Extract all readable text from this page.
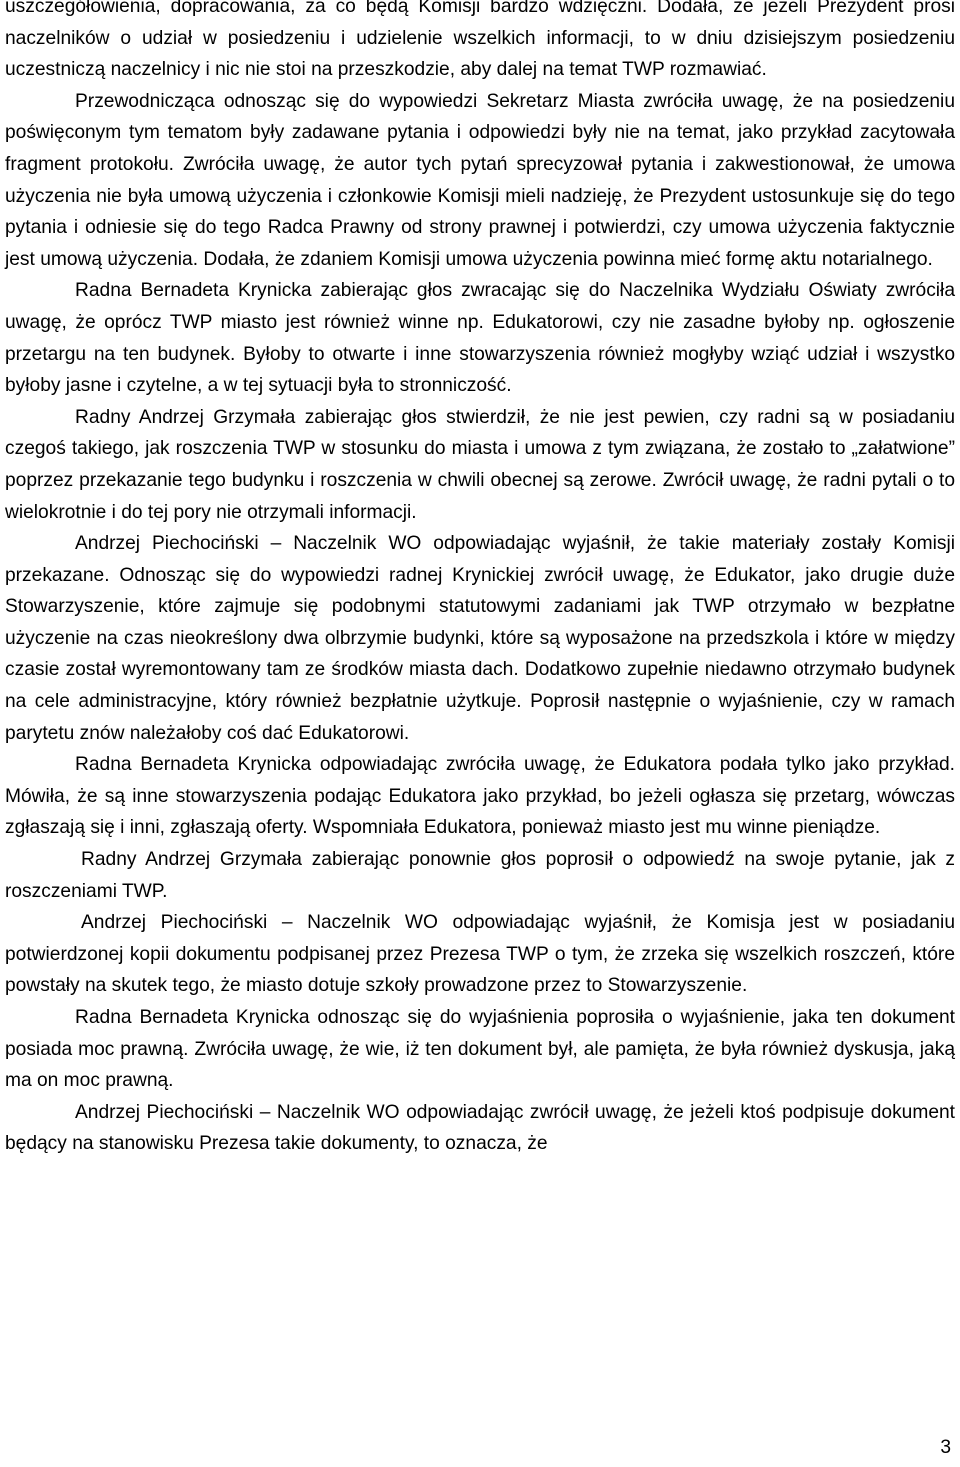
uszczegółowienia, dopracowania, za co będą Komisji bardzo wdzięczni. Dodała, że jeżeli Prezydent prosi naczelników o udział w posiedzeniu i udzielenie wszelkich informacji, to w dniu dzisiejszym posiedzeniu uczestniczą naczelnicy i nic nie stoi na przeszkodzie, aby dalej na temat TWP rozmawiać.

Przewodnicząca odnosząc się do wypowiedzi Sekretarz Miasta zwróciła uwagę, że na posiedzeniu poświęconym tym tematom były zadawane pytania i odpowiedzi były nie na temat, jako przykład zacytowała fragment protokołu. Zwróciła uwagę, że autor tych pytań sprecyzował pytania i zakwestionował, że umowa użyczenia nie była umową użyczenia i członkowie Komisji mieli nadzieję, że Prezydent ustosunkuje się do tego pytania i odniesie się do tego Radca Prawny od strony prawnej i potwierdzi, czy umowa użyczenia faktycznie jest umową użyczenia. Dodała, że zdaniem Komisji umowa użyczenia powinna mieć formę aktu notarialnego.

Radna Bernadeta Krynicka zabierając głos zwracając się do Naczelnika Wydziału Oświaty zwróciła uwagę, że oprócz TWP miasto jest również winne np. Edukatorowi, czy nie zasadne byłoby np. ogłoszenie przetargu na ten budynek. Byłoby to otwarte i inne stowarzyszenia również mogłyby wziąć udział i wszystko byłoby jasne i czytelne, a w tej sytuacji była to stronniczość.

Radny Andrzej Grzymała zabierając głos stwierdził, że nie jest pewien, czy radni są w posiadaniu czegoś takiego, jak roszczenia TWP w stosunku do miasta i umowa z tym związana, że zostało to „załatwione” poprzez przekazanie tego budynku i roszczenia w chwili obecnej są zerowe. Zwrócił uwagę, że radni pytali o to wielokrotnie i do tej pory nie otrzymali informacji.

Andrzej Piechociński – Naczelnik WO odpowiadając wyjaśnił, że takie materiały zostały Komisji przekazane. Odnosząc się do wypowiedzi radnej Krynickiej zwrócił uwagę, że Edukator, jako drugie duże Stowarzyszenie, które zajmuje się podobnymi statutowymi zadaniami jak TWP otrzymało w bezpłatne użyczenie na czas nieokreślony dwa olbrzymie budynki, które są wyposażone na przedszkola i które w między czasie został wyremontowany tam ze środków miasta dach. Dodatkowo zupełnie niedawno otrzymało budynek na cele administracyjne, który również bezpłatnie użytkuje. Poprosił następnie o wyjaśnienie, czy w ramach parytetu znów należałoby coś dać Edukatorowi.

Radna Bernadeta Krynicka odpowiadając zwróciła uwagę, że Edukatora podała tylko jako przykład. Mówiła, że są inne stowarzyszenia podając Edukatora jako przykład, bo jeżeli ogłasza się przetarg, wówczas zgłaszają się i inni, zgłaszają oferty. Wspomniała Edukatora, ponieważ miasto jest mu winne pieniądze.

Radny Andrzej Grzymała zabierając ponownie głos poprosił o odpowiedź na swoje pytanie, jak z roszczeniami TWP.

Andrzej Piechociński – Naczelnik WO odpowiadając wyjaśnił, że Komisja jest w posiadaniu potwierdzonej kopii dokumentu podpisanej przez Prezesa TWP o tym, że zrzeka się wszelkich roszczeń, które powstały na skutek tego, że miasto dotuje szkoły prowadzone przez to Stowarzyszenie.

Radna Bernadeta Krynicka odnosząc się do wyjaśnienia poprosiła o wyjaśnienie, jaka ten dokument posiada moc prawną. Zwróciła uwagę, że wie, iż ten dokument był, ale pamięta, że była również dyskusja, jaką ma on moc prawną.

Andrzej Piechociński – Naczelnik WO odpowiadając zwrócił uwagę, że jeżeli ktoś podpisuje dokument będący na stanowisku Prezesa takie dokumenty, to oznacza, że

3
